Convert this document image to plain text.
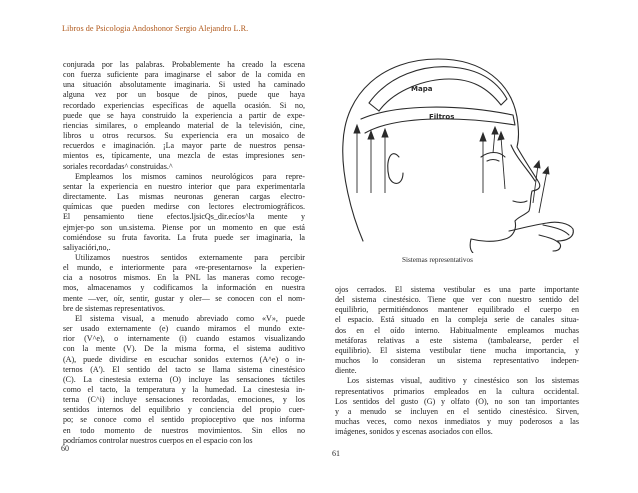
Libros de Psicologia Andoshonor Sergio Alejandro L.R.
conjurada por las palabras. Probablemente ha creado la escena
con fuerza suficiente para imaginarse el sabor de la comida en
una situación absolutamente imaginaria. Si usted ha caminado
alguna vez por un bosque de pinos, puede que haya
recordado experiencias específicas de aquella ocasión. Si no,
puede que se haya construido la experiencia a partir de expe-
riencias similares, o empleando material de la televisión, cine,
libros u otros recursos. Su experiencia era un mosaico de
recuerdos e imaginación. ¡La mayor parte de nuestros pensa-
mientos es, típicamente, una mezcla de estas impresiones sen-
soriales recordadas^ construidas.^
Empleamos los mismos caminos neurológicos para repre-
sentar la experiencia en nuestro interior que para experimentarla
directamente. Las mismas neuronas generan cargas electro-
químicas que pueden medirse con lectores electromiográficos.
El pensamiento tiene efectos.ljsicQs_dir.ecíos^la mente y
ejmjer-po son un.sistema. Piense por un momento en que está
comiéndose su fruta favorita. La fruta puede ser imaginaria, la
saliyacióri,no,.
Utilizamos nuestros sentidos externamente para percibir
el mundo, e interiormente para «re-presentarnos» la experien-
cia a nosotros mismos. En la PNL las maneras como recoge-
mos, almacenamos y codificamos la información en nuestra
mente —ver, oír, sentir, gustar y oler— se conocen con el nom-
bre de sistemas representativos.
El sistema visual, a menudo abreviado como «V», puede
ser usado externamente (e) cuando miramos el mundo exte-
rior (V^e), o internamente (i) cuando estamos visualizando
con la mente (V). De la misma forma, el sistema auditivo
(A), puede dividirse en escuchar sonidos externos (A^e) o in-
ternos (A'). El sentido del tacto se llama sistema cinestésico
(C). La cinestesia externa (O) incluye las sensaciones táctiles
como el tacto, la temperatura y la humedad. La cinestesia in-
terna (C^i) incluye sensaciones recordadas, emociones, y los
sentidos internos del equilibrio y conciencia del propio cuer-
po; se conoce como el sentido propioceptivo que nos informa
en todo momento de nuestros movimientos. Sin ellos no
podríamos controlar nuestros cuerpos en el espacio con los
60
Mapa
Filtros
Sistemas representativos
ojos cerrados. El sistema vestibular es una parte importante
del sistema cinestésico. Tiene que ver con nuestro sentido del
equilibrio, permitiéndonos mantener equilibrado el cuerpo en
el espacio. Está situado en la compleja serie de canales situa-
dos en el oído interno. Habitualmente empleamos muchas
metáforas relativas a este sistema (tambalearse, perder el
equilibrio). El sistema vestibular tiene mucha importancia, y
muchos lo consideran un sistema representativo indepen-
diente.
Los sistemas visual, auditivo y cinestésico son los sistemas
representativos primarios empleados en la cultura occidental.
Los sentidos del gusto (G) y olfato (O), no son tan importantes
y a menudo se incluyen en el sentido cinestésico. Sirven,
muchas veces, como nexos inmediatos y muy poderosos a las
imágenes, sonidos y escenas asociados con ellos.
61
